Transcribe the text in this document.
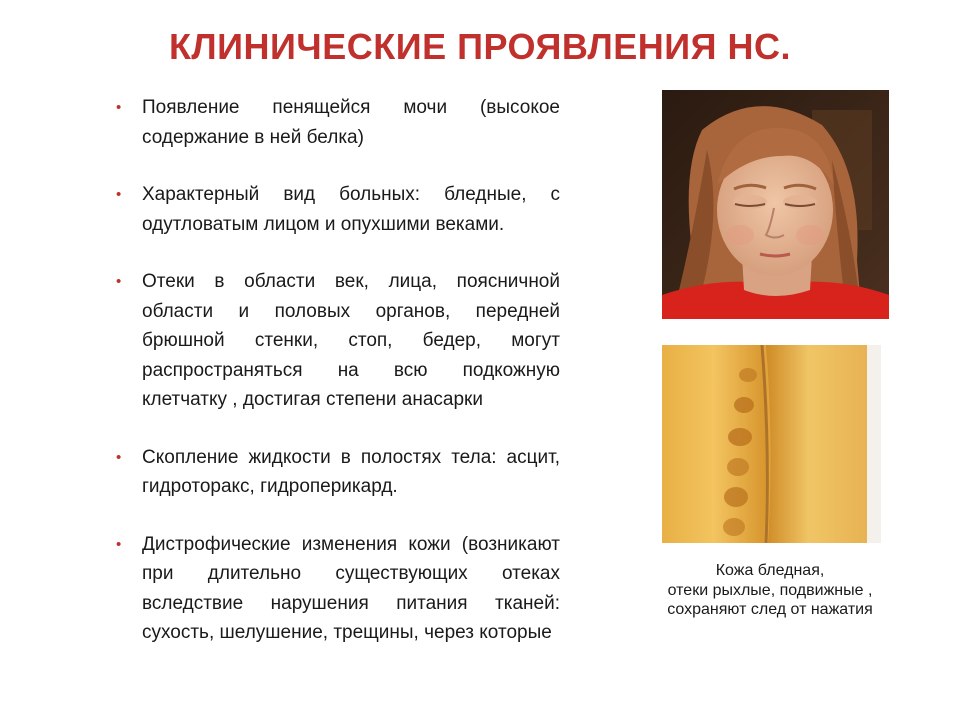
КЛИНИЧЕСКИЕ ПРОЯВЛЕНИЯ НС.
• Появление пенящейся мочи (высокое содержание в ней белка)
• Характерный вид больных: бледные, с одутловатым лицом и опухшими веками.
• Отеки в области век, лица, поясничной области и половых органов, передней брюшной стенки, стоп, бедер, могут распространяться на всю подкожную клетчатку , достигая степени анасарки
• Скопление жидкости в полостях тела: асцит, гидроторакс, гидроперикард.
• Дистрофические изменения кожи (возникают при длительно существующих отеках вследствие нарушения питания тканей: сухость, шелушение, трещины, через которые
Кожа бледная,
отеки рыхлые, подвижные ,
сохраняют след от нажатия
